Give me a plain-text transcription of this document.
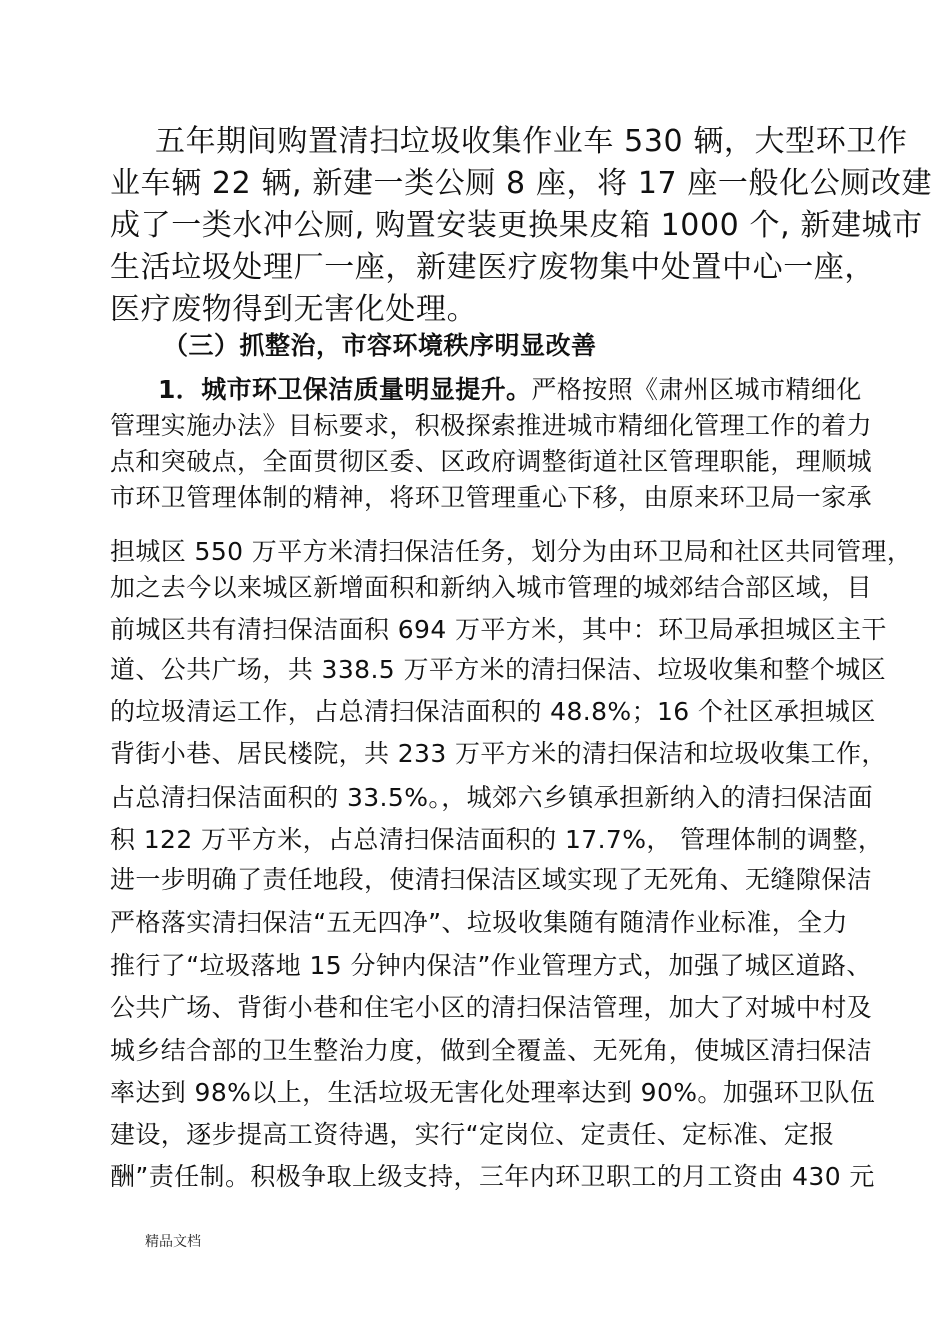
五年期间购置清扫垃圾收集作业车 530 辆，大型环卫作
业车辆 22 辆, 新建一类公厕 8 座，将 17 座一般化公厕改建
成了一类水冲公厕, 购置安装更换果皮箱 1000 个, 新建城市
生活垃圾处理厂一座，新建医疗废物集中处置中心一座，
医疗废物得到无害化处理。
（三）抓整治，市容环境秩序明显改善
1．城市环卫保洁质量明显提升。严格按照《肃州区城市精细化
管理实施办法》目标要求，积极探索推进城市精细化管理工作的着力
点和突破点，全面贯彻区委、区政府调整街道社区管理职能，理顺城
市环卫管理体制的精神，将环卫管理重心下移，由原来环卫局一家承
担城区 550 万平方米清扫保洁任务，划分为由环卫局和社区共同管理，
加之去今以来城区新增面积和新纳入城市管理的城郊结合部区域，目
前城区共有清扫保洁面积 694 万平方米，其中：环卫局承担城区主干
道、公共广场，共 338.5 万平方米的清扫保洁、垃圾收集和整个城区
的垃圾清运工作，占总清扫保洁面积的 48.8%；16 个社区承担城区
背街小巷、居民楼院，共 233 万平方米的清扫保洁和垃圾收集工作，
占总清扫保洁面积的 33.5%。，城郊六乡镇承担新纳入的清扫保洁面
积 122 万平方米，占总清扫保洁面积的 17.7%， 管理体制的调整，
进一步明确了责任地段，使清扫保洁区域实现了无死角、无缝隙保洁
严格落实清扫保洁“五无四净”、垃圾收集随有随清作业标准，全力
推行了“垃圾落地 15 分钟内保洁”作业管理方式，加强了城区道路、
公共广场、背街小巷和住宅小区的清扫保洁管理，加大了对城中村及
城乡结合部的卫生整治力度，做到全覆盖、无死角，使城区清扫保洁
率达到 98%以上，生活垃圾无害化处理率达到 90%。加强环卫队伍
建设，逐步提高工资待遇，实行“定岗位、定责任、定标准、定报
酬”责任制。积极争取上级支持，三年内环卫职工的月工资由 430 元
精品文档
